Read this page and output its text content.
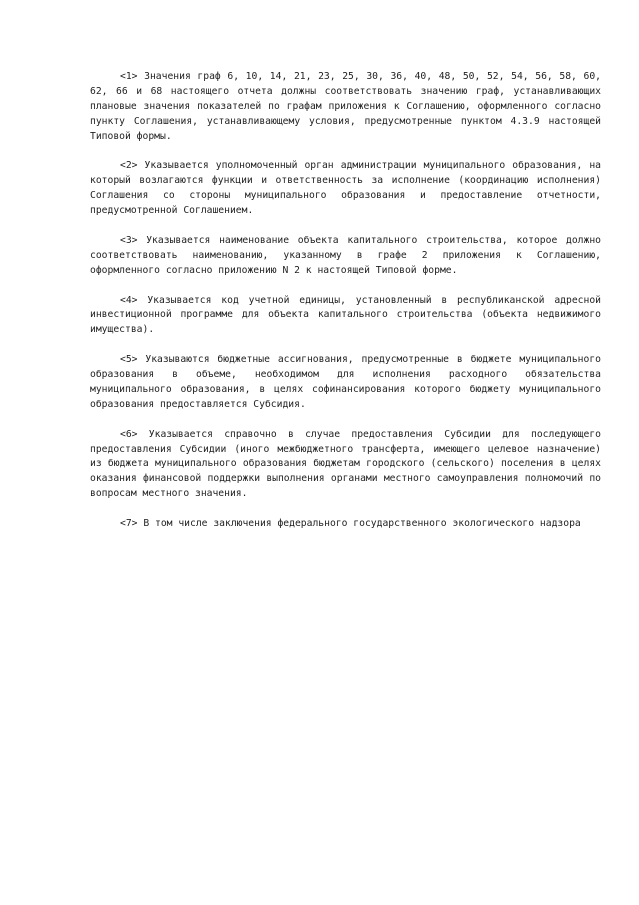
<1> Значения граф 6, 10, 14, 21, 23, 25, 30, 36, 40, 48, 50, 52, 54, 56, 58, 60, 62, 66 и 68 настоящего отчета должны соответствовать значению граф, устанавливающих плановые значения показателей по графам приложения к Соглашению, оформленного согласно пункту Соглашения, устанавливающему условия, предусмотренные пунктом 4.3.9 настоящей Типовой формы.

<2> Указывается уполномоченный орган администрации муниципального образования, на который возлагаются функции и ответственность за исполнение (координацию исполнения) Соглашения со стороны муниципального образования и предоставление отчетности, предусмотренной Соглашением.

<3> Указывается наименование объекта капитального строительства, которое должно соответствовать наименованию, указанному в графе 2 приложения к Соглашению, оформленного согласно приложению N 2 к настоящей Типовой форме.

<4> Указывается код учетной единицы, установленный в республиканской адресной инвестиционной программе для объекта капитального строительства (объекта недвижимого имущества).

<5> Указываются бюджетные ассигнования, предусмотренные в бюджете муниципального образования в объеме, необходимом для исполнения расходного обязательства муниципального образования, в целях софинансирования которого бюджету муниципального образования предоставляется Субсидия.

<6> Указывается справочно в случае предоставления Субсидии для последующего предоставления Субсидии (иного межбюджетного трансферта, имеющего целевое назначение) из бюджета муниципального образования бюджетам городского (сельского) поселения в целях оказания финансовой поддержки выполнения органами местного самоуправления полномочий по вопросам местного значения.

<7> В том числе заключения федерального государственного экологического надзора
